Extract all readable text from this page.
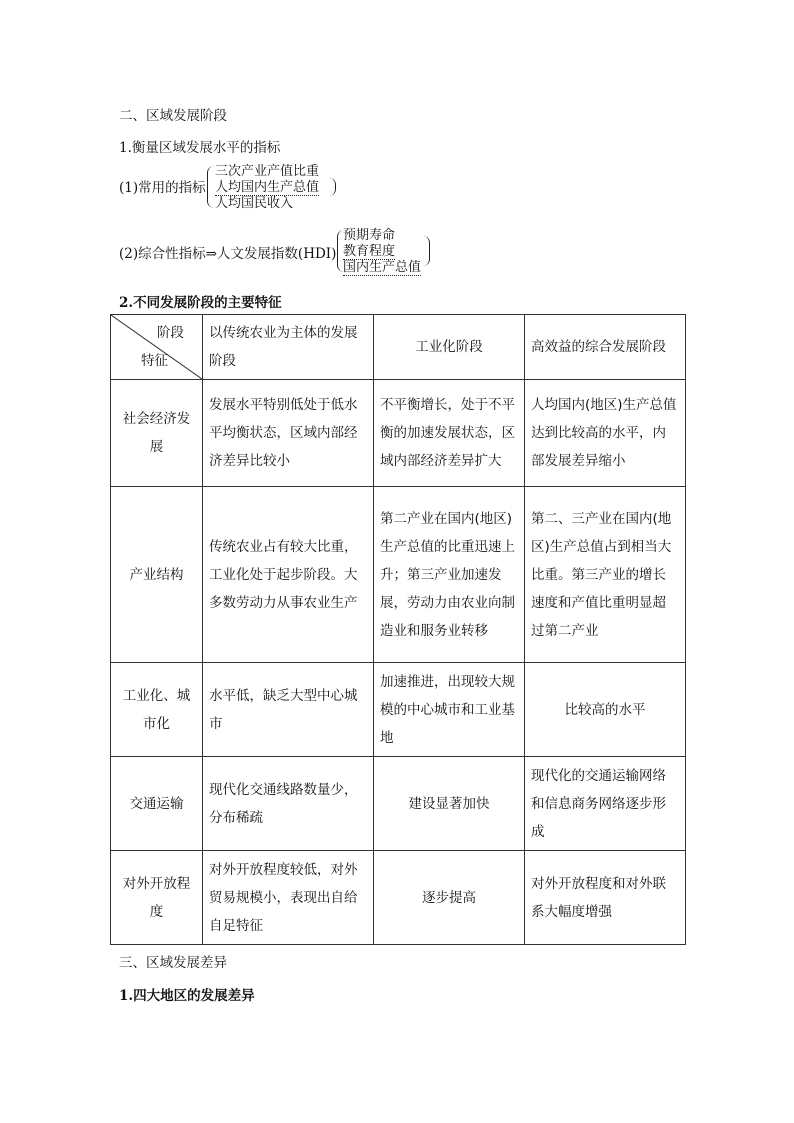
二、区域发展阶段
1.衡量区域发展水平的指标
(1)常用的指标
三次产业产值比重
人均国内生产总值
人均国民收入
(2)综合性指标⇒人文发展指数(HDI)
预期寿命
教育程度
国内生产总值
2.不同发展阶段的主要特征
阶段
特征	以传统农业为主体的发展阶段	工业化阶段	高效益的综合发展阶段
社会经济发展	发展水平特别低处于低水平均衡状态，区域内部经济差异比较小	不平衡增长，处于不平衡的加速发展状态，区域内部经济差异扩大	人均国内(地区)生产总值达到比较高的水平，内部发展差异缩小
产业结构	传统农业占有较大比重，工业化处于起步阶段。大多数劳动力从事农业生产	第二产业在国内(地区)生产总值的比重迅速上升；第三产业加速发展，劳动力由农业向制造业和服务业转移	第二、三产业在国内(地区)生产总值占到相当大比重。第三产业的增长速度和产值比重明显超过第二产业
工业化、城市化	水平低，缺乏大型中心城市	加速推进，出现较大规模的中心城市和工业基地	比较高的水平
交通运输	现代化交通线路数量少，分布稀疏	建设显著加快	现代化的交通运输网络和信息商务网络逐步形成
对外开放程度	对外开放程度较低，对外贸易规模小，表现出自给自足特征	逐步提高	对外开放程度和对外联系大幅度增强
三、区域发展差异
1.四大地区的发展差异
